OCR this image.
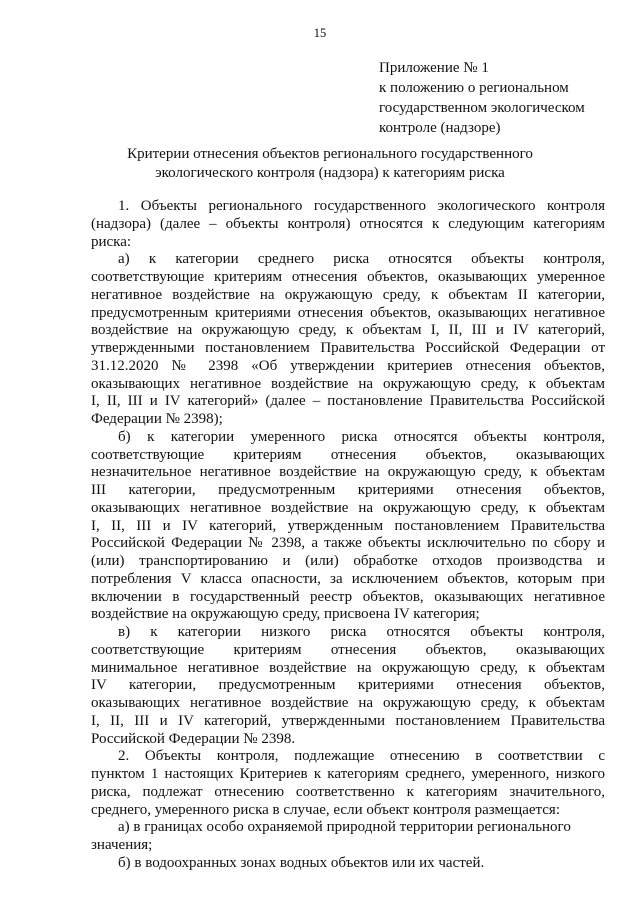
15
Приложение № 1
к положению о региональном
государственном экологическом
контроле (надзоре)
Критерии отнесения объектов регионального государственного
экологического контроля (надзора) к категориям риска
1. Объекты регионального государственного экологического контроля
(надзора) (далее – объекты контроля) относятся к следующим категориям
риска:
а) к категории среднего риска относятся объекты контроля,
соответствующие критериям отнесения объектов, оказывающих умеренное
негативное воздействие на окружающую среду, к объектам II категории,
предусмотренным критериями отнесения объектов, оказывающих негативное
воздействие на окружающую среду, к объектам I, II, III и IV категорий,
утвержденными постановлением Правительства Российской Федерации от
31.12.2020 № 2398 «Об утверждении критериев отнесения объектов,
оказывающих негативное воздействие на окружающую среду, к объектам
I, II, III и IV категорий» (далее – постановление Правительства Российской
Федерации № 2398);
б) к категории умеренного риска относятся объекты контроля,
соответствующие критериям отнесения объектов, оказывающих
незначительное негативное воздействие на окружающую среду, к объектам
III категории, предусмотренным критериями отнесения объектов,
оказывающих негативное воздействие на окружающую среду, к объектам
I, II, III и IV категорий, утвержденным постановлением Правительства
Российской Федерации № 2398, а также объекты исключительно по сбору и
(или) транспортированию и (или) обработке отходов производства и
потребления V класса опасности, за исключением объектов, которым при
включении в государственный реестр объектов, оказывающих негативное
воздействие на окружающую среду, присвоена IV категория;
в) к категории низкого риска относятся объекты контроля,
соответствующие критериям отнесения объектов, оказывающих
минимальное негативное воздействие на окружающую среду, к объектам
IV категории, предусмотренным критериями отнесения объектов,
оказывающих негативное воздействие на окружающую среду, к объектам
I, II, III и IV категорий, утвержденными постановлением Правительства
Российской Федерации № 2398.
2. Объекты контроля, подлежащие отнесению в соответствии с
пунктом 1 настоящих Критериев к категориям среднего, умеренного, низкого
риска, подлежат отнесению соответственно к категориям значительного,
среднего, умеренного риска в случае, если объект контроля размещается:
а) в границах особо охраняемой природной территории регионального
значения;
б) в водоохранных зонах водных объектов или их частей.
